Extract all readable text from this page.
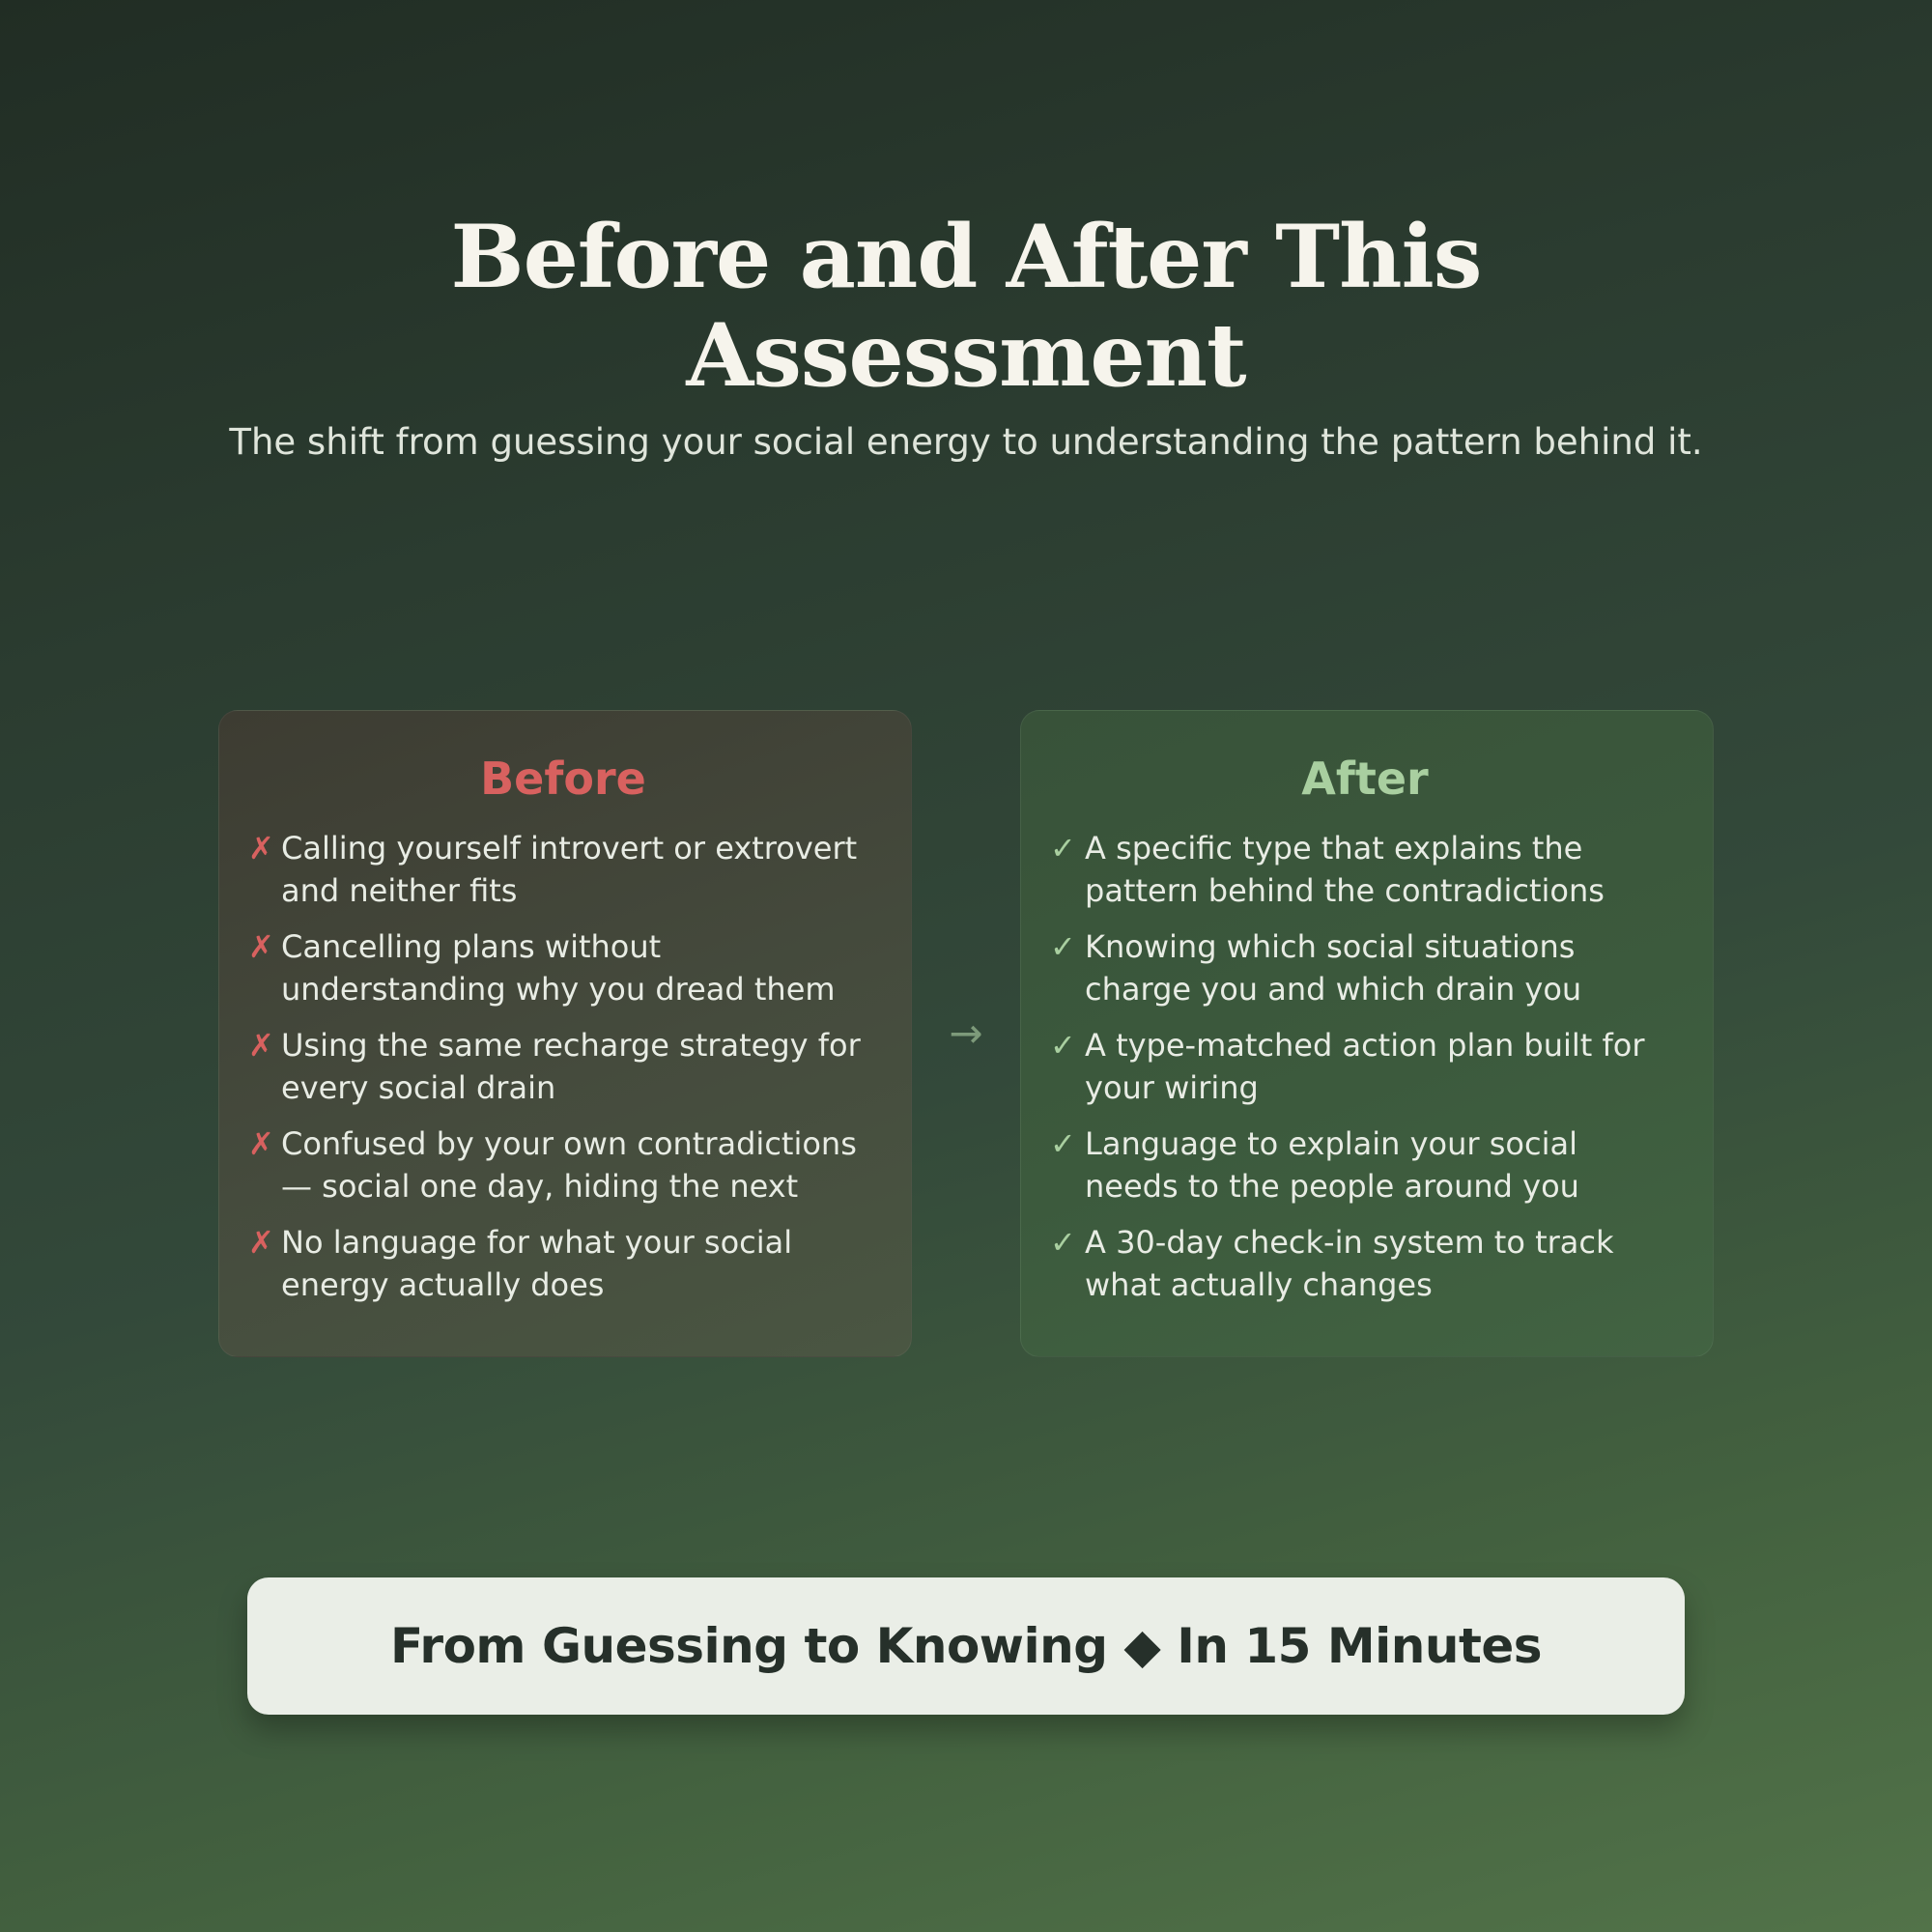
Before and After This Assessment
The shift from guessing your social energy to understanding the pattern behind it.
Before
✗ Calling yourself introvert or extrovert and neither fits
✗ Cancelling plans without understanding why you dread them
✗ Using the same recharge strategy for every social drain
✗ Confused by your own contradictions — social one day, hiding the next
✗ No language for what your social energy actually does
→
After
✓ A specific type that explains the pattern behind the contradictions
✓ Knowing which social situations charge you and which drain you
✓ A type-matched action plan built for your wiring
✓ Language to explain your social needs to the people around you
✓ A 30-day check-in system to track what actually changes
From Guessing to Knowing ◆ In 15 Minutes
